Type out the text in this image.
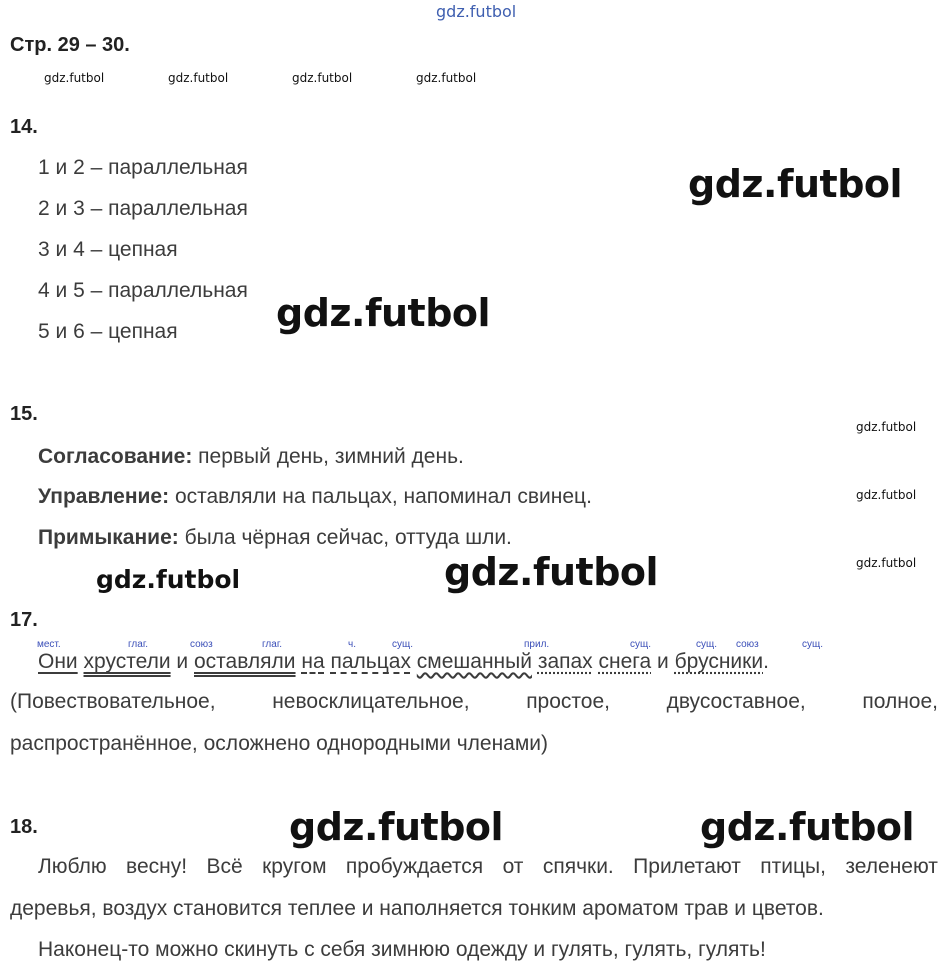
gdz.futbol
Стр. 29 – 30.
gdz.futbol	gdz.futbol	gdz.futbol	gdz.futbol
14.
1 и 2 – параллельная
2 и 3 – параллельная
3 и 4 – цепная
4 и 5 – параллельная
5 и 6 – цепная
gdz.futbol
gdz.futbol
15.
gdz.futbol
gdz.futbol
gdz.futbol
Согласование: первый день, зимний день.
Управление: оставляли на пальцах, напоминал свинец.
Примыкание: была чёрная сейчас, оттуда шли.
gdz.futbol	gdz.futbol
17.
мест.	глаг.	союз	глаг.	ч.	сущ.	прил.	сущ.	сущ. союз	сущ.
Они хрустели и оставляли на пальцах смешанный запах снега и брусники.
(Повествовательное,	невосклицательное,	простое,	двусоставное,	полное,
распространённое, осложнено однородными членами)
18.	gdz.futbol	gdz.futbol
Люблю весну! Всё кругом пробуждается от спячки. Прилетают птицы, зеленеют
деревья, воздух становится теплее и наполняется тонким ароматом трав и цветов.
Наконец-то можно скинуть с себя зимнюю одежду и гулять, гулять, гулять!
